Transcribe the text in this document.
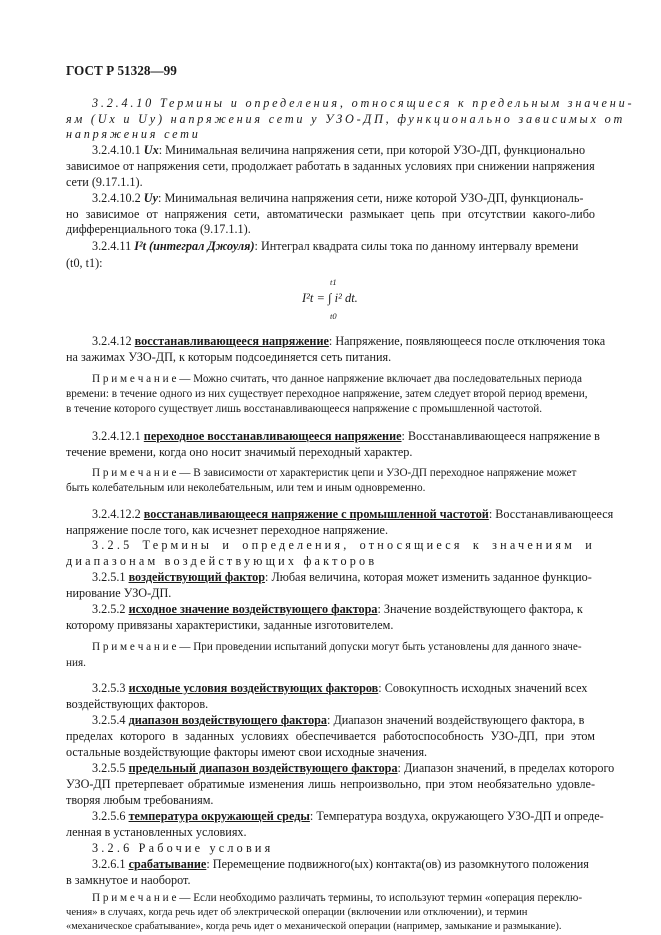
ГОСТ Р 51328—99
3.2.4.10 Термины и определения, относящиеся к предельным значени-
ям (Ux и Uy) напряжения сети у УЗО-ДП, функционально зависимых от
напряжения сети
3.2.4.10.1 Ux: Минимальная величина напряжения сети, при которой УЗО-ДП, функционально
зависимое от напряжения сети, продолжает работать в заданных условиях при снижении напряжения
сети (9.17.1.1).
3.2.4.10.2 Uy: Минимальная величина напряжения сети, ниже которой УЗО-ДП, функциональ-
но зависимое от напряжения сети, автоматически размыкает цепь при отсутствии какого-либо
дифференциального тока (9.17.1.1).
3.2.4.11 I²t (интеграл Джоуля): Интеграл квадрата силы тока по данному интервалу времени
(t0, t1):
t1
I²t = ∫ i² dt.
t0
3.2.4.12 восстанавливающееся напряжение: Напряжение, появляющееся после отключения тока
на зажимах УЗО-ДП, к которым подсоединяется сеть питания.
П р и м е ч а н и е — Можно считать, что данное напряжение включает два последовательных периода
времени: в течение одного из них существует переходное напряжение, затем следует второй период времени,
в течение которого существует лишь восстанавливающееся напряжение с промышленной частотой.
3.2.4.12.1 переходное восстанавливающееся напряжение: Восстанавливающееся напряжение в
течение времени, когда оно носит значимый переходный характер.
П р и м е ч а н и е — В зависимости от характеристик цепи и УЗО-ДП переходное напряжение может
быть колебательным или неколебательным, или тем и иным одновременно.
3.2.4.12.2 восстанавливающееся напряжение с промышленной частотой: Восстанавливающееся
напряжение после того, как исчезнет переходное напряжение.
3.2.5 Термины и определения, относящиеся к значениям и
диапазонам воздействующих факторов
3.2.5.1 воздействующий фактор: Любая величина, которая может изменить заданное функцио-
нирование УЗО-ДП.
3.2.5.2 исходное значение воздействующего фактора: Значение воздействующего фактора, к
которому привязаны характеристики, заданные изготовителем.
П р и м е ч а н и е — При проведении испытаний допуски могут быть установлены для данного значе-
ния.
3.2.5.3 исходные условия воздействующих факторов: Совокупность исходных значений всех
воздействующих факторов.
3.2.5.4 диапазон воздействующего фактора: Диапазон значений воздействующего фактора, в
пределах которого в заданных условиях обеспечивается работоспособность УЗО-ДП, при этом
остальные воздействующие факторы имеют свои исходные значения.
3.2.5.5 предельный диапазон воздействующего фактора: Диапазон значений, в пределах которого
УЗО-ДП претерпевает обратимые изменения лишь непроизвольно, при этом необязательно удовле-
творяя любым требованиям.
3.2.5.6 температура окружающей среды: Температура воздуха, окружающего УЗО-ДП и опреде-
ленная в установленных условиях.
3.2.6 Рабочие условия
3.2.6.1 срабатывание: Перемещение подвижного(ых) контакта(ов) из разомкнутого положения
в замкнутое и наоборот.
П р и м е ч а н и е — Если необходимо различать термины, то используют термин «операция переклю-
чения» в случаях, когда речь идет об электрической операции (включении или отключении), и термин
«механическое срабатывание», когда речь идет о механической операции (например, замыкание и размыкание).
